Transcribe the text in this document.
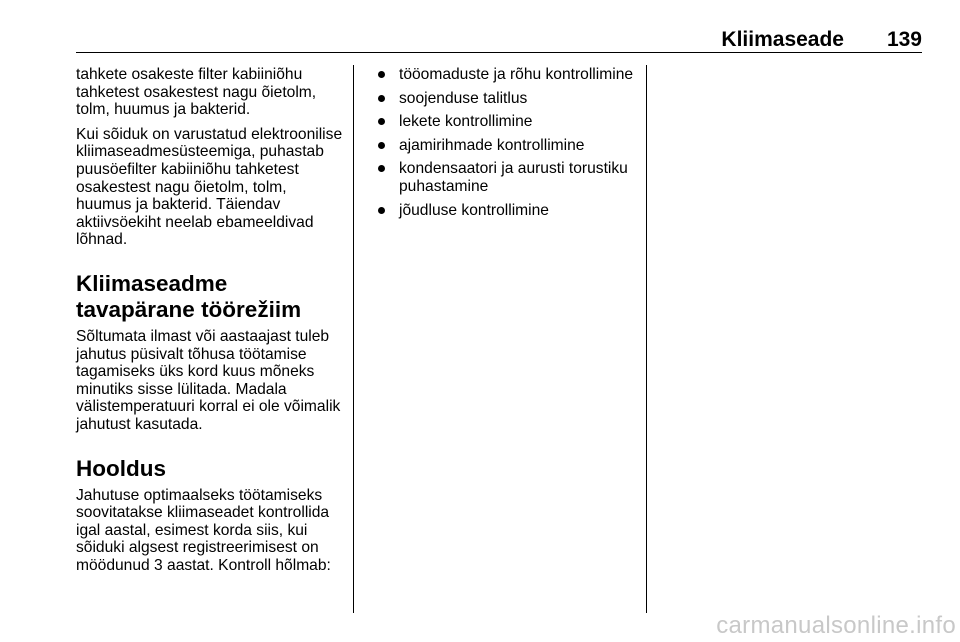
Kliimaseade 139

tahkete osakeste filter kabiiniõhu tahketest osakestest nagu õietolm, tolm, huumus ja bakterid.

Kui sõiduk on varustatud elektroonilise kliimaseadmesüsteemiga, puhastab puusöefilter kabiiniõhu tahketest osakestest nagu õietolm, tolm, huumus ja bakterid. Täiendav aktiivsöekiht neelab ebameeldivad lõhnad.

Kliimaseadme tavapärane töörežiim

Sõltumata ilmast või aastaajast tuleb jahutus püsivalt tõhusa töötamise tagamiseks üks kord kuus mõneks minutiks sisse lülitada. Madala välistemperatuuri korral ei ole võimalik jahutust kasutada.

Hooldus

Jahutuse optimaalseks töötamiseks soovitatakse kliimaseadet kontrollida igal aastal, esimest korda siis, kui sõiduki algsest registreerimisest on möödunud 3 aastat. Kontroll hõlmab:

tööomaduste ja rõhu kontrollimine
soojenduse talitlus
lekete kontrollimine
ajamirihmade kontrollimine
kondensaatori ja aurusti torustiku puhastamine
jõudluse kontrollimine
carmanualsonline.info
